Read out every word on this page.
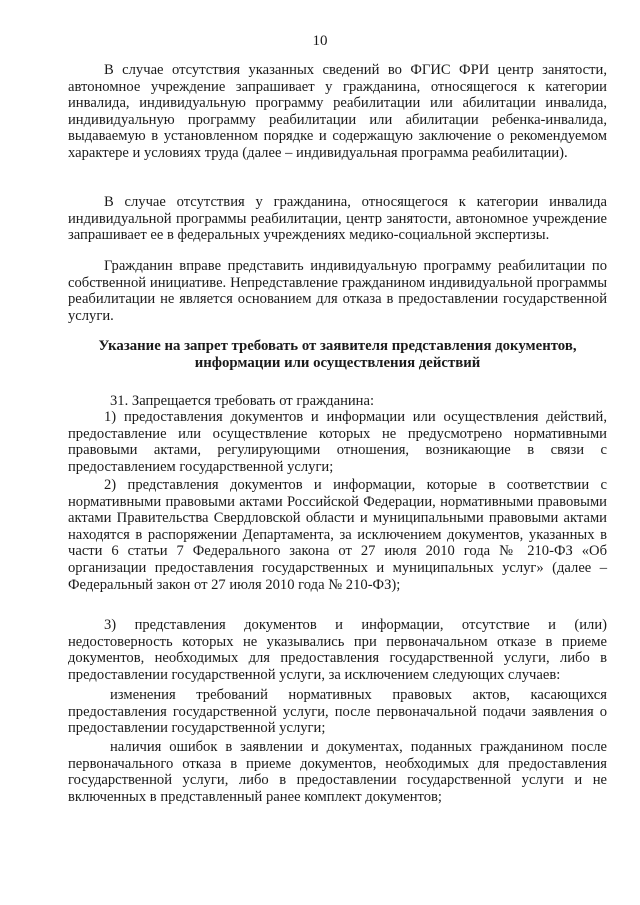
10

В случае отсутствия указанных сведений во ФГИС ФРИ центр занятости, автономное учреждение запрашивает у гражданина, относящегося к категории инвалида, индивидуальную программу реабилитации или абилитации инвалида, индивидуальную программу реабилитации или абилитации ребенка-инвалида, выдаваемую в установленном порядке и содержащую заключение о рекомендуемом характере и условиях труда (далее – индивидуальная программа реабилитации).

В случае отсутствия у гражданина, относящегося к категории инвалида индивидуальной программы реабилитации, центр занятости, автономное учреждение запрашивает ее в федеральных учреждениях медико-социальной экспертизы.

Гражданин вправе представить индивидуальную программу реабилитации по собственной инициативе. Непредставление гражданином индивидуальной программы реабилитации не является основанием для отказа в предоставлении государственной услуги.

Указание на запрет требовать от заявителя представления документов, информации или осуществления действий

31. Запрещается требовать от гражданина:

1) предоставления документов и информации или осуществления действий, предоставление или осуществление которых не предусмотрено нормативными правовыми актами, регулирующими отношения, возникающие в связи с предоставлением государственной услуги;

2) представления документов и информации, которые в соответствии с нормативными правовыми актами Российской Федерации, нормативными правовыми актами Правительства Свердловской области и муниципальными правовыми актами находятся в распоряжении Департамента, за исключением документов, указанных в части 6 статьи 7 Федерального закона от 27 июля 2010 года № 210-ФЗ «Об организации предоставления государственных и муниципальных услуг» (далее – Федеральный закон от 27 июля 2010 года № 210-ФЗ);

3) представления документов и информации, отсутствие и (или) недостоверность которых не указывались при первоначальном отказе в приеме документов, необходимых для предоставления государственной услуги, либо в предоставлении государственной услуги, за исключением следующих случаев:

изменения требований нормативных правовых актов, касающихся предоставления государственной услуги, после первоначальной подачи заявления о предоставлении государственной услуги;

наличия ошибок в заявлении и документах, поданных гражданином после первоначального отказа в приеме документов, необходимых для предоставления государственной услуги, либо в предоставлении государственной услуги и не включенных в представленный ранее комплект документов;
